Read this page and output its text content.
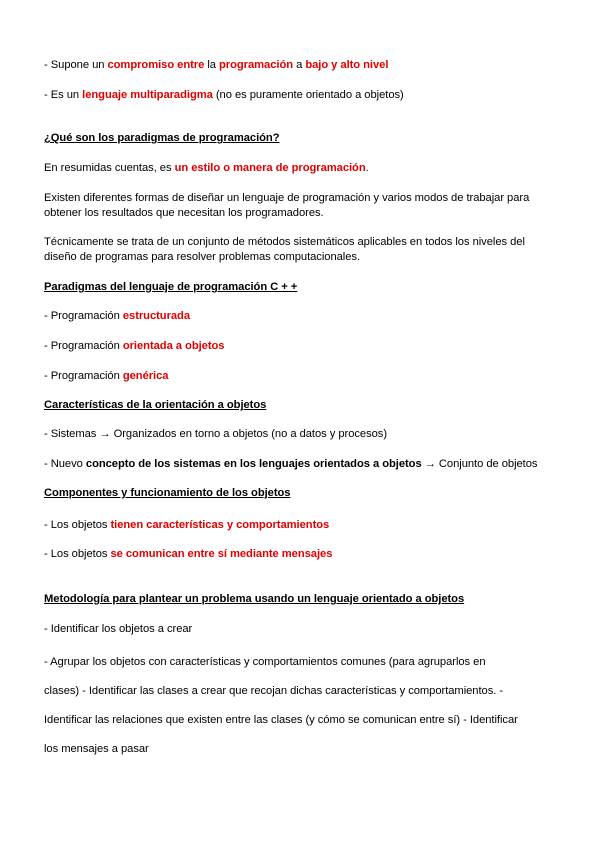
- Supone un compromiso entre la programación a bajo y alto nivel
- Es un lenguaje multiparadigma (no es puramente orientado a objetos)
¿Qué son los paradigmas de programación?
En resumidas cuentas, es un estilo o manera de programación.
Existen diferentes formas de diseñar un lenguaje de programación y varios modos de trabajar para obtener los resultados que necesitan los programadores.
Técnicamente se trata de un conjunto de métodos sistemáticos aplicables en todos los niveles del diseño de programas para resolver problemas computacionales.
Paradigmas del lenguaje de programación C + +
- Programación estructurada
- Programación orientada a objetos
- Programación genérica
Características de la orientación a objetos
- Sistemas → Organizados en torno a objetos (no a datos y procesos)
- Nuevo concepto de los sistemas en los lenguajes orientados a objetos → Conjunto de objetos
Componentes y funcionamiento de los objetos
- Los objetos tienen características y comportamientos
- Los objetos se comunican entre sí mediante mensajes
Metodología para plantear un problema usando un lenguaje orientado a objetos
- Identificar los objetos a crear
- Agrupar los objetos con características y comportamientos comunes (para agruparlos en
clases) - Identificar las clases a crear que recojan dichas características y comportamientos. -
Identificar las relaciones que existen entre las clases (y cómo se comunican entre sí) - Identificar
los mensajes a pasar
